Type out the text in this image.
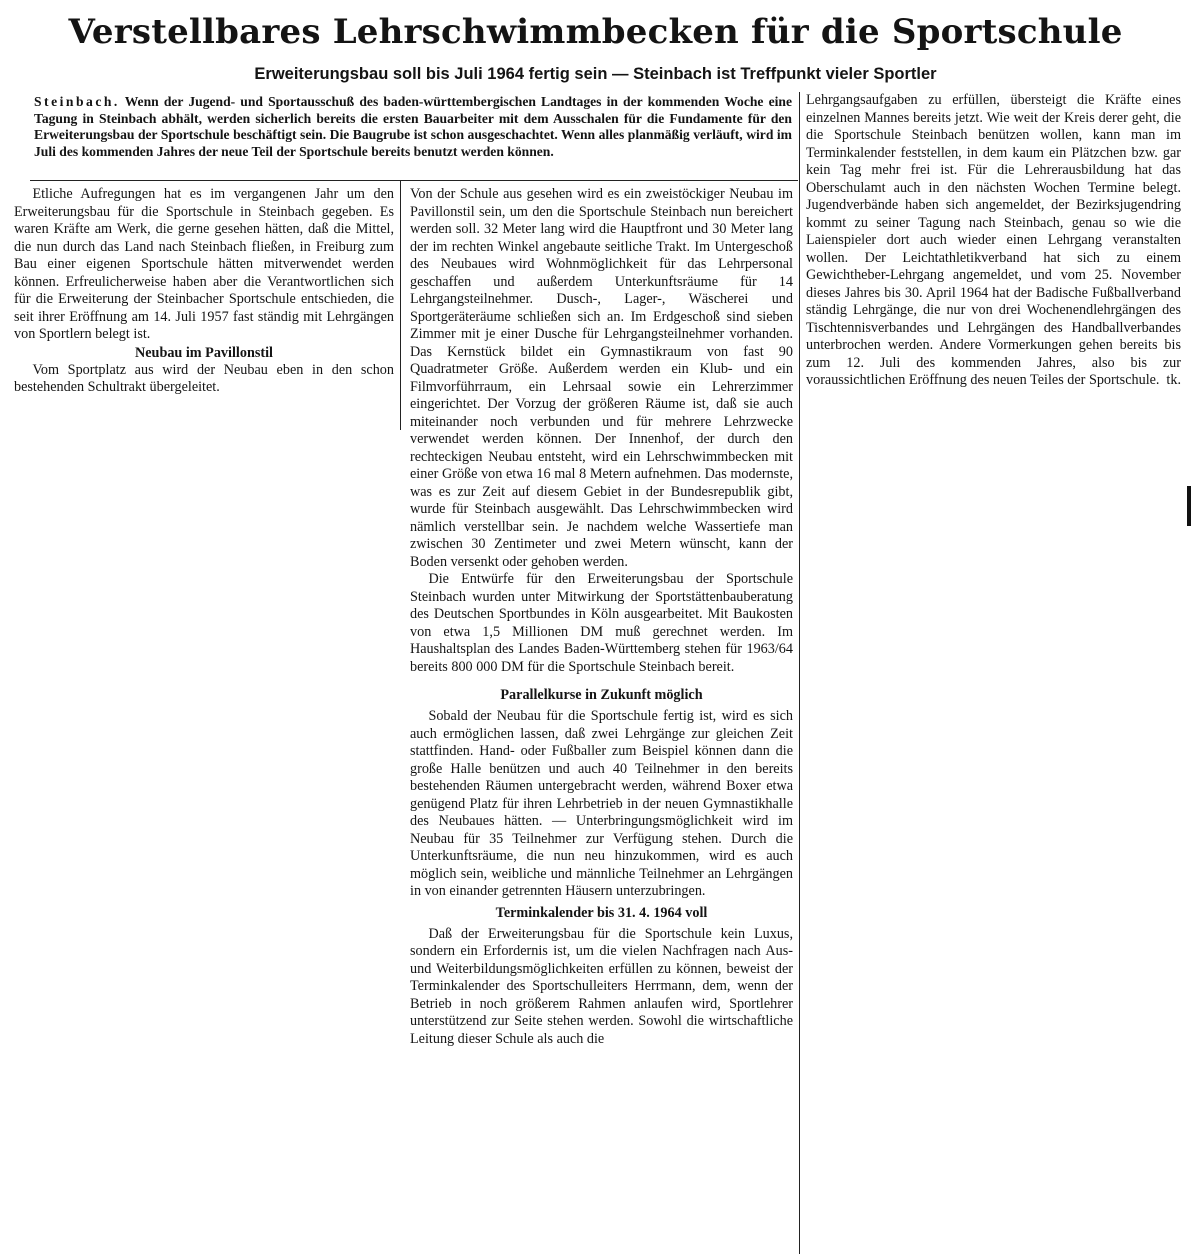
Verstellbares Lehrschwimmbecken für die Sportschule
Erweiterungsbau soll bis Juli 1964 fertig sein — Steinbach ist Treffpunkt vieler Sportler
Steinbach. Wenn der Jugend- und Sportausschuß des baden-württembergischen Landtages in der kommenden Woche eine Tagung in Steinbach abhält, werden sicherlich bereits die ersten Bauarbeiter mit dem Ausschalen für die Fundamente für den Erweiterungsbau der Sportschule beschäftigt sein. Die Baugrube ist schon ausgeschachtet. Wenn alles planmäßig verläuft, wird im Juli des kommenden Jahres der neue Teil der Sportschule bereits benutzt werden können.

Etliche Aufregungen hat es im vergangenen Jahr um den Erweiterungsbau für die Sportschule in Steinbach gegeben. Es waren Kräfte am Werk, die gerne gesehen hätten, daß die Mittel, die nun durch das Land nach Steinbach fließen, in Freiburg zum Bau einer eigenen Sportschule hätten mitverwendet werden können. Erfreulicherweise haben aber die Verantwortlichen sich für die Erweiterung der Steinbacher Sportschule entschieden, die seit ihrer Eröffnung am 14. Juli 1957 fast ständig mit Lehrgängen von Sportlern belegt ist.

Neubau im Pavillonstil

Vom Sportplatz aus wird der Neubau eben in den schon bestehenden Schultrakt übergeleitet.

Von der Schule aus gesehen wird es ein zweistöckiger Neubau im Pavillonstil sein, um den die Sportschule Steinbach nun bereichert werden soll. 32 Meter lang wird die Hauptfront und 30 Meter lang der im rechten Winkel angebaute seitliche Trakt. Im Untergeschoß des Neubaues wird Wohnmöglichkeit für das Lehrpersonal geschaffen und außerdem Unterkunftsräume für 14 Lehrgangsteilnehmer. Dusch-, Lager-, Wäscherei und Sportgeräteräume schließen sich an. Im Erdgeschoß sind sieben Zimmer mit je einer Dusche für Lehrgangsteilnehmer vorhanden. Das Kernstück bildet ein Gymnastikraum von fast 90 Quadratmeter Größe. Außerdem werden ein Klub- und ein Filmvorführraum, ein Lehrsaal sowie ein Lehrerzimmer eingerichtet. Der Vorzug der größeren Räume ist, daß sie auch miteinander noch verbunden und für mehrere Lehrzwecke verwendet werden können. Der Innenhof, der durch den rechteckigen Neubau entsteht, wird ein Lehrschwimmbecken mit einer Größe von etwa 16 mal 8 Metern aufnehmen. Das modernste, was es zur Zeit auf diesem Gebiet in der Bundesrepublik gibt, wurde für Steinbach ausgewählt. Das Lehrschwimmbecken wird nämlich verstellbar sein. Je nachdem welche Wassertiefe man zwischen 30 Zentimeter und zwei Metern wünscht, kann der Boden versenkt oder gehoben werden.

Die Entwürfe für den Erweiterungsbau der Sportschule Steinbach wurden unter Mitwirkung der Sportstättenbauberatung des Deutschen Sportbundes in Köln ausgearbeitet. Mit Baukosten von etwa 1,5 Millionen DM muß gerechnet werden. Im Haushaltsplan des Landes Baden-Württemberg stehen für 1963/64 bereits 800 000 DM für die Sportschule Steinbach bereit.

Parallelkurse in Zukunft möglich

Sobald der Neubau für die Sportschule fertig ist, wird es sich auch ermöglichen lassen, daß zwei Lehrgänge zur gleichen Zeit stattfinden. Hand- oder Fußballer zum Beispiel können dann die große Halle benützen und auch 40 Teilnehmer in den bereits bestehenden Räumen untergebracht werden, während Boxer etwa genügend Platz für ihren Lehrbetrieb in der neuen Gymnastikhalle des Neubaues hätten. — Unterbringungsmöglichkeit wird im Neubau für 35 Teilnehmer zur Verfügung stehen. Durch die Unterkunftsräume, die nun neu hinzukommen, wird es auch möglich sein, weibliche und männliche Teilnehmer an Lehrgängen in von einander getrennten Häusern unterzubringen.

Terminkalender bis 31. 4. 1964 voll

Daß der Erweiterungsbau für die Sportschule kein Luxus, sondern ein Erfordernis ist, um die vielen Nachfragen nach Aus- und Weiterbildungsmöglichkeiten erfüllen zu können, beweist der Terminkalender des Sportschulleiters Herrmann, dem, wenn der Betrieb in noch größerem Rahmen anlaufen wird, Sportlehrer unterstützend zur Seite stehen werden. Sowohl die wirtschaftliche Leitung dieser Schule als auch die

Lehrgangsaufgaben zu erfüllen, übersteigt die Kräfte eines einzelnen Mannes bereits jetzt. Wie weit der Kreis derer geht, die die Sportschule Steinbach benützen wollen, kann man im Terminkalender feststellen, in dem kaum ein Plätzchen bzw. gar kein Tag mehr frei ist. Für die Lehrerausbildung hat das Oberschulamt auch in den nächsten Wochen Termine belegt. Jugendverbände haben sich angemeldet, der Bezirksjugendring kommt zu seiner Tagung nach Steinbach, genau so wie die Laienspieler dort auch wieder einen Lehrgang veranstalten wollen. Der Leichtathletikverband hat sich zu einem Gewichtheber-Lehrgang angemeldet, und vom 25. November dieses Jahres bis 30. April 1964 hat der Badische Fußballverband ständig Lehrgänge, die nur von drei Wochenendlehrgängen des Tischtennisverbandes und Lehrgängen des Handballverbandes unterbrochen werden. Andere Vormerkungen gehen bereits bis zum 12. Juli des kommenden Jahres, also bis zur voraussichtlichen Eröffnung des neuen Teiles der Sportschule. tk.
